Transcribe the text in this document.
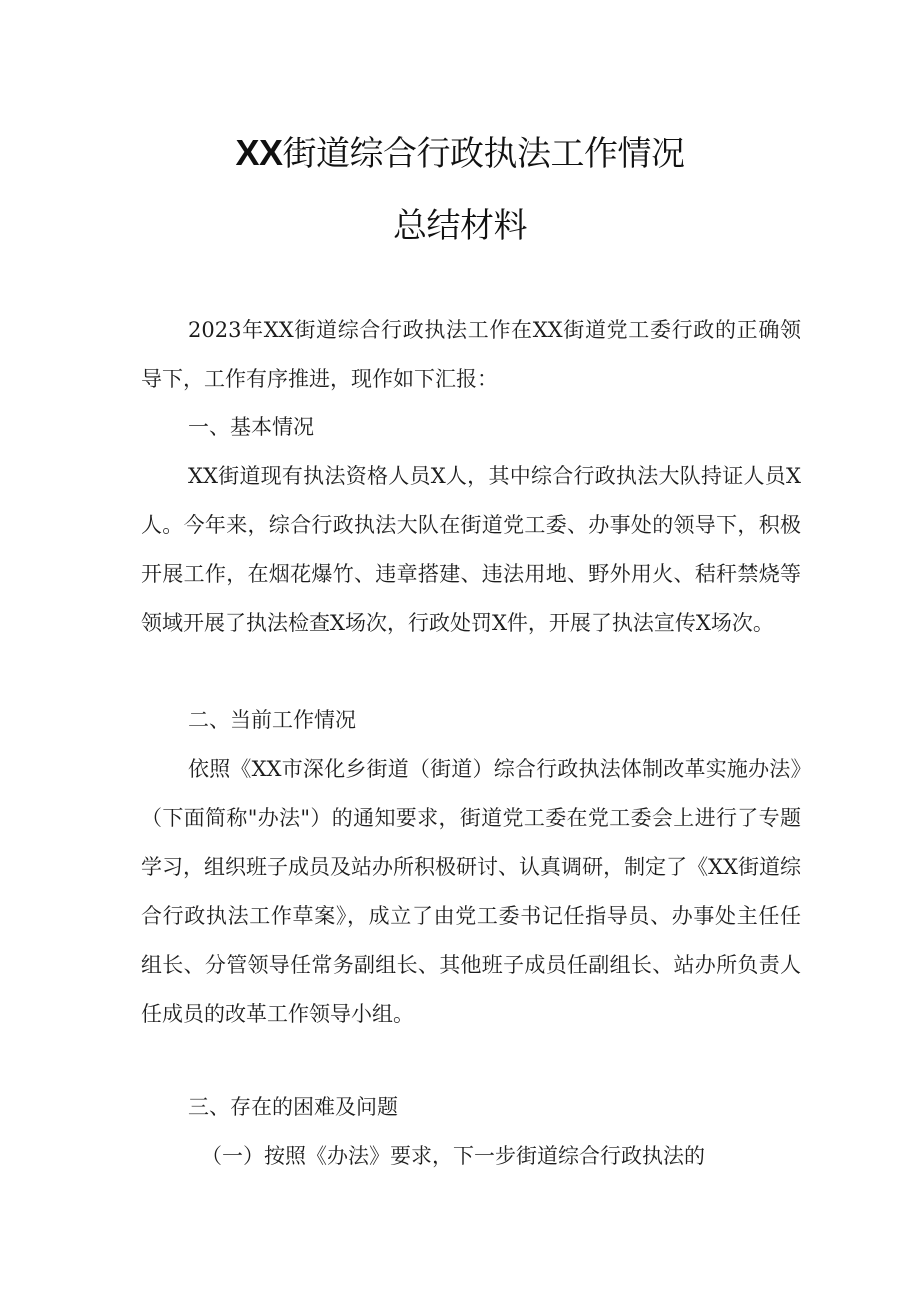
XX街道综合行政执法工作情况
总结材料

2023年XX街道综合行政执法工作在XX街道党工委行政的正确领导下，工作有序推进，现作如下汇报：

一、基本情况

XX街道现有执法资格人员X人，其中综合行政执法大队持证人员X人。今年来，综合行政执法大队在街道党工委、办事处的领导下，积极开展工作，在烟花爆竹、违章搭建、违法用地、野外用火、秸秆禁烧等领域开展了执法检查X场次，行政处罚X件，开展了执法宣传X场次。

二、当前工作情况

依照《XX市深化乡街道（街道）综合行政执法体制改革实施办法》（下面简称"办法"）的通知要求，街道党工委在党工委会上进行了专题学习，组织班子成员及站办所积极研讨、认真调研，制定了《XX街道综合行政执法工作草案》，成立了由党工委书记任指导员、办事处主任任组长、分管领导任常务副组长、其他班子成员任副组长、站办所负责人任成员的改革工作领导小组。

三、存在的困难及问题

（一）按照《办法》要求，下一步街道综合行政执法的
